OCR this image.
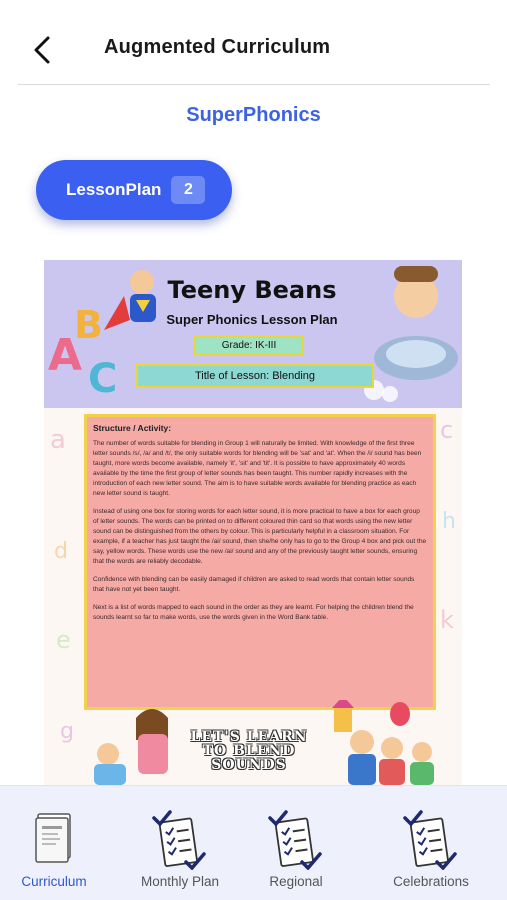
Augmented Curriculum
SuperPhonics
LessonPlan	2
a	c
d
h
e
k
g
A
B
C
Teeny Beans
Super Phonics Lesson Plan
Grade: IK-III
Title of Lesson: Blending
Structure / Activity:

The number of words suitable for blending in Group 1 will naturally be limited. With knowledge of the first three letter sounds /s/, /a/ and /t/, the only suitable words for blending will be 'sat' and 'at'. When the /i/ sound has been taught, more words become available, namely 'it', 'sit' and 'tit'. It is possible to have approximately 40 words available by the time the first group of letter sounds has been taught. This number rapidly increases with the introduction of each new letter sound. The aim is to have suitable words available for blending practice as each new letter sound is taught.

Instead of using one box for storing words for each letter sound, it is more practical to have a box for each group of letter sounds. The words can be printed on to different coloured thin card so that words using the new letter sound can be distinguished from the others by colour. This is particularly helpful in a classroom situation. For example, if a teacher has just taught the /ai/ sound, then she/he only has to go to the Group 4 box and pick out the say, yellow words. These words use the new /ai/ sound and any of the previously taught letter sounds, ensuring that the words are reliably decodable.

Confidence with blending can be easily damaged if children are asked to read words that contain letter sounds that have not yet been taught.

Next is a list of words mapped to each sound in the order as they are learnt. For helping the children blend the sounds learnt so far to make words, use the words given in the Word Bank table.

LET'S LEARN TO BLEND SOUNDS
Curriculum	Monthly Plan	Regional	Celebrations
